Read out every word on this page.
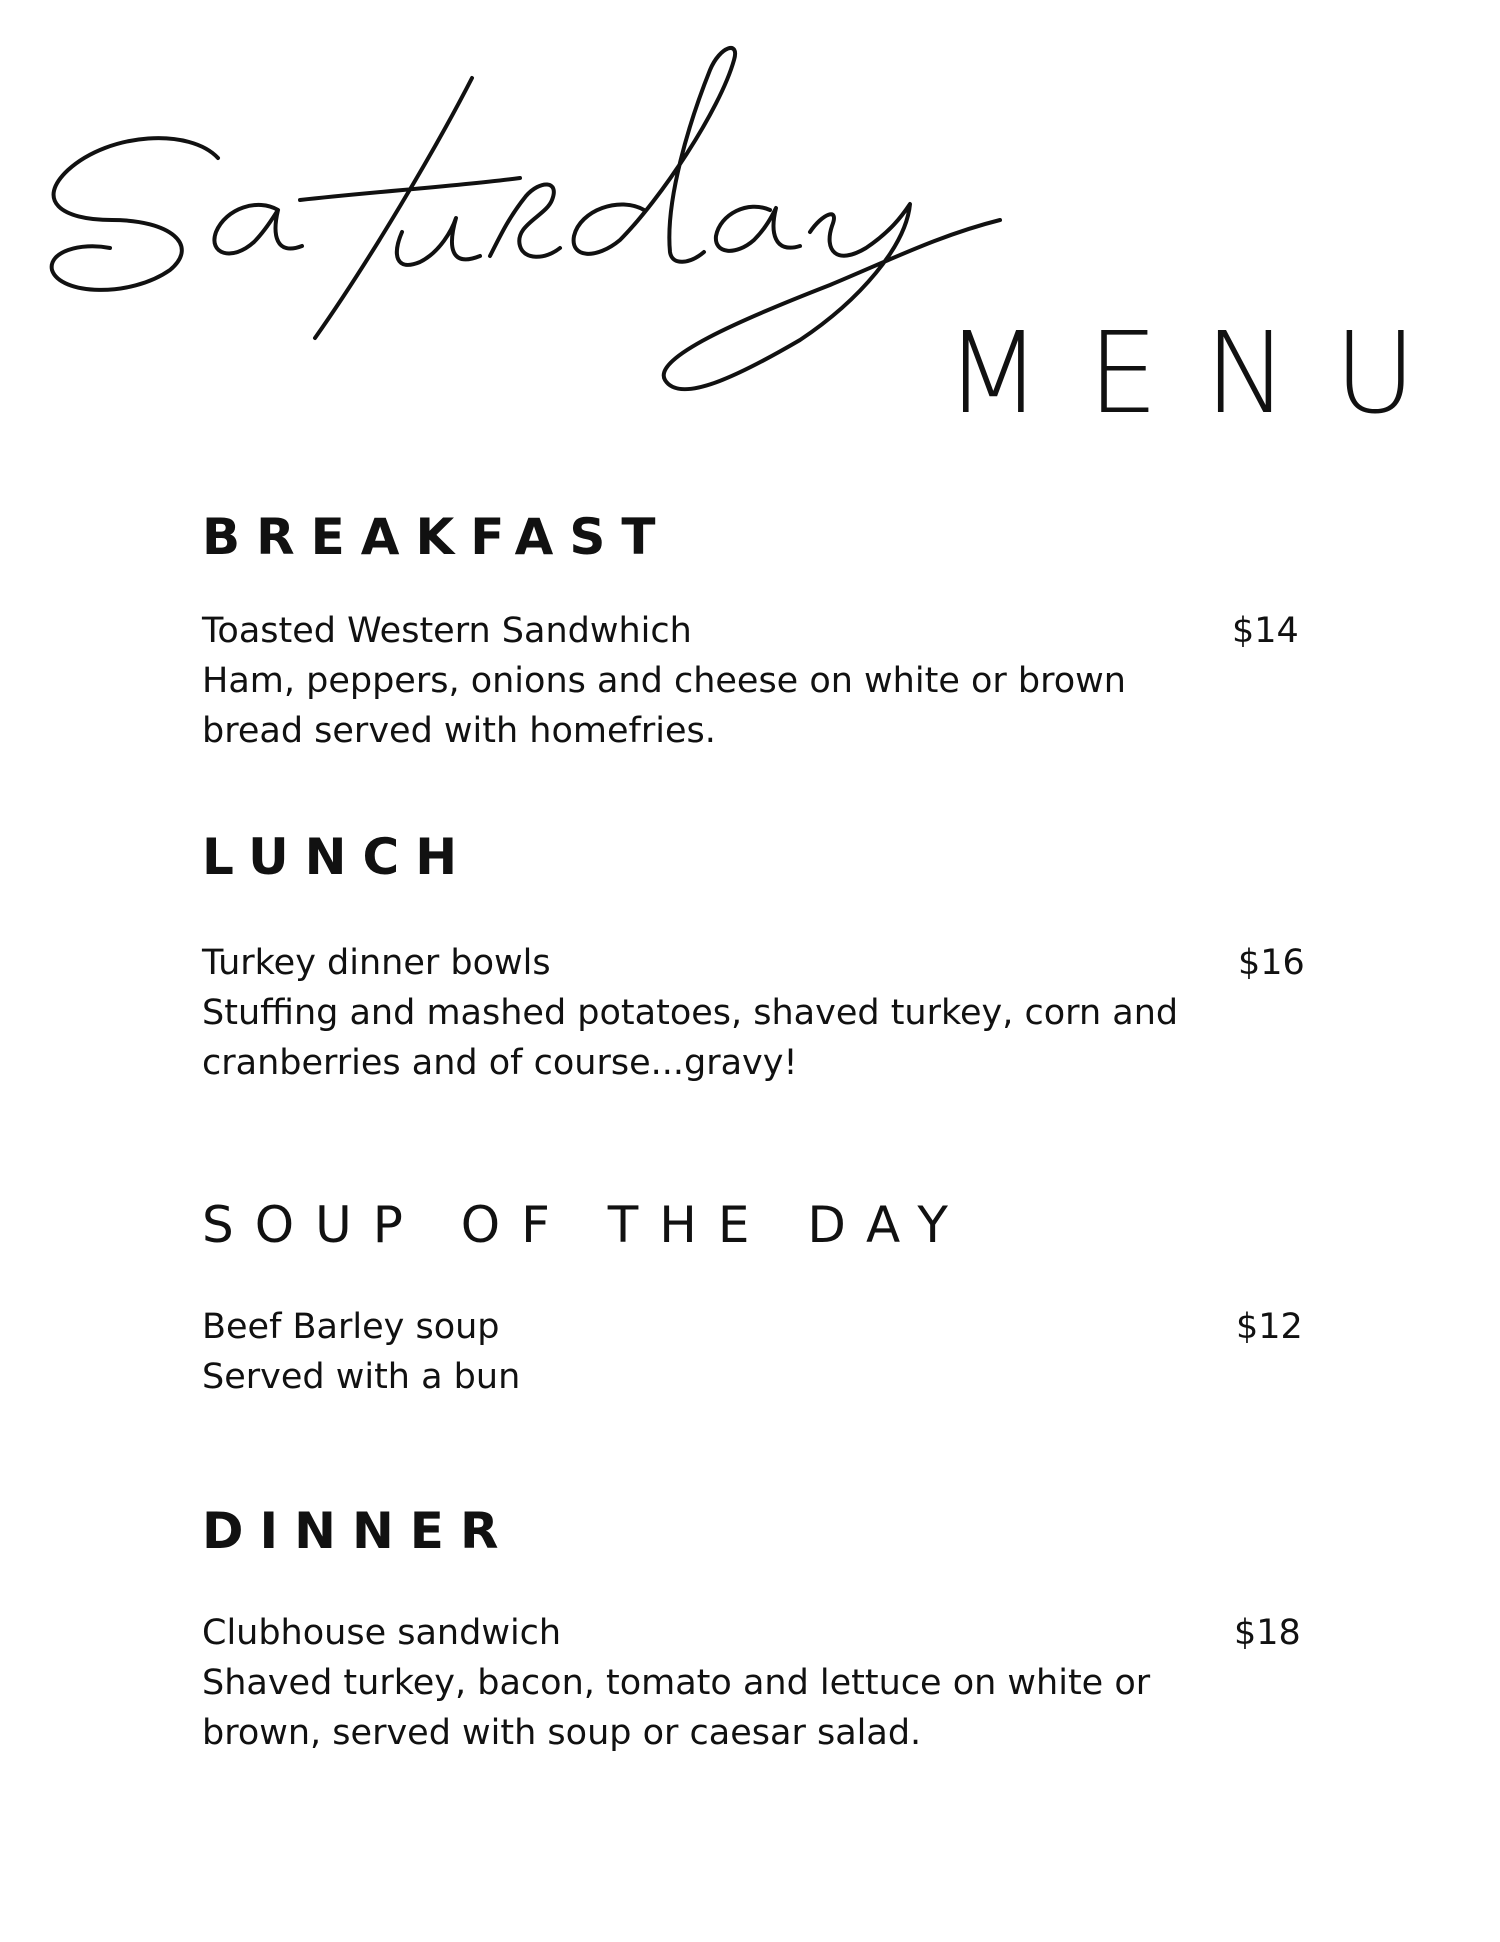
MENU
BREAKFAST
Toasted Western Sandwhich	$14
Ham, peppers, onions and cheese on white or brown
bread served with homefries.
LUNCH
Turkey dinner bowls	$16
Stuffing and mashed potatoes, shaved turkey, corn and
cranberries and of course...gravy!
SOUP OF THE DAY
Beef Barley soup	$12
Served with a bun
DINNER
Clubhouse sandwich	$18
Shaved turkey, bacon, tomato and lettuce on white or
brown, served with soup or caesar salad.
